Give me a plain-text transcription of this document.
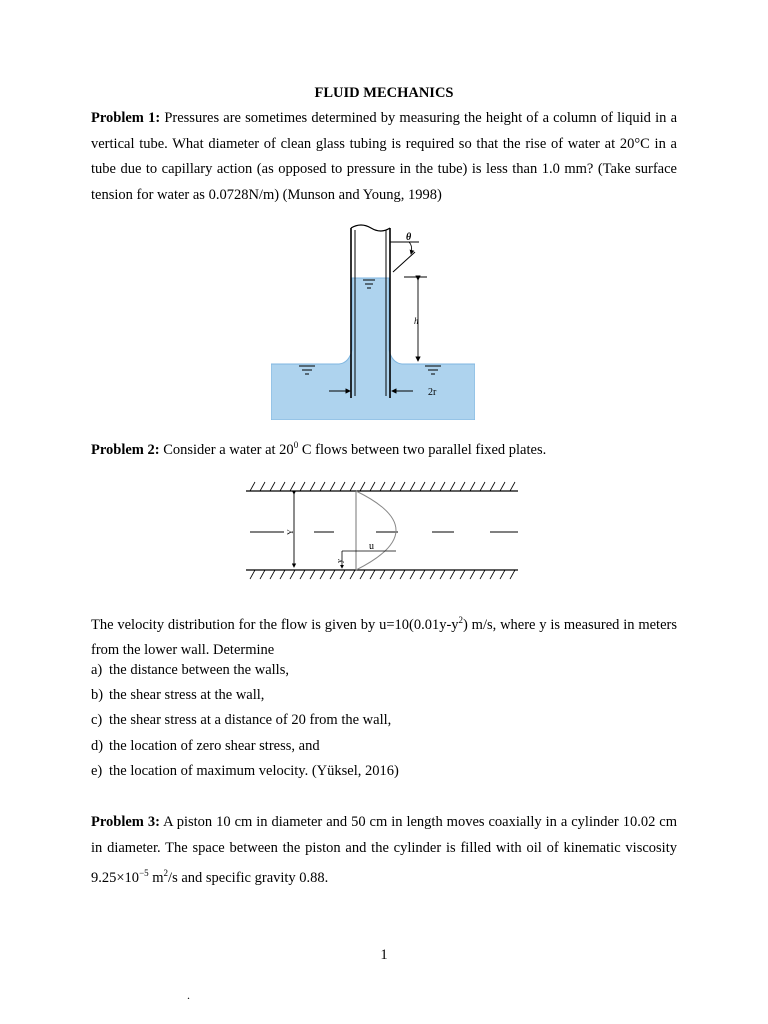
FLUID MECHANICS
Problem 1: Pressures are sometimes determined by measuring the height of a column of liquid in a vertical tube. What diameter of clean glass tubing is required so that the rise of water at 20°C in a tube due to capillary action (as opposed to pressure in the tube) is less than 1.0 mm? (Take surface tension for water as 0.0728N/m) (Munson and Young, 1998)
θ
h
2r
Problem 2: Consider a water at $20^0$ C flows between two parallel fixed plates.
Y
y
u
The velocity distribution for the flow is given by $u=10(0.01y-y^2)$ m/s, where y is measured in meters from the lower wall. Determine
a) the distance between the walls,
b) the shear stress at the wall,
c) the shear stress at a distance of 20 from the wall,
d) the location of zero shear stress, and
e) the location of maximum velocity. (Yüksel, 2016)
Problem 3: A piston 10 cm in diameter and 50 cm in length moves coaxially in a cylinder 10.02 cm in diameter. The space between the piston and the cylinder is filled with oil of kinematic viscosity $9.25\times 10^{-5}$ $m^2/s$ and specific gravity 0.88.
1
.
